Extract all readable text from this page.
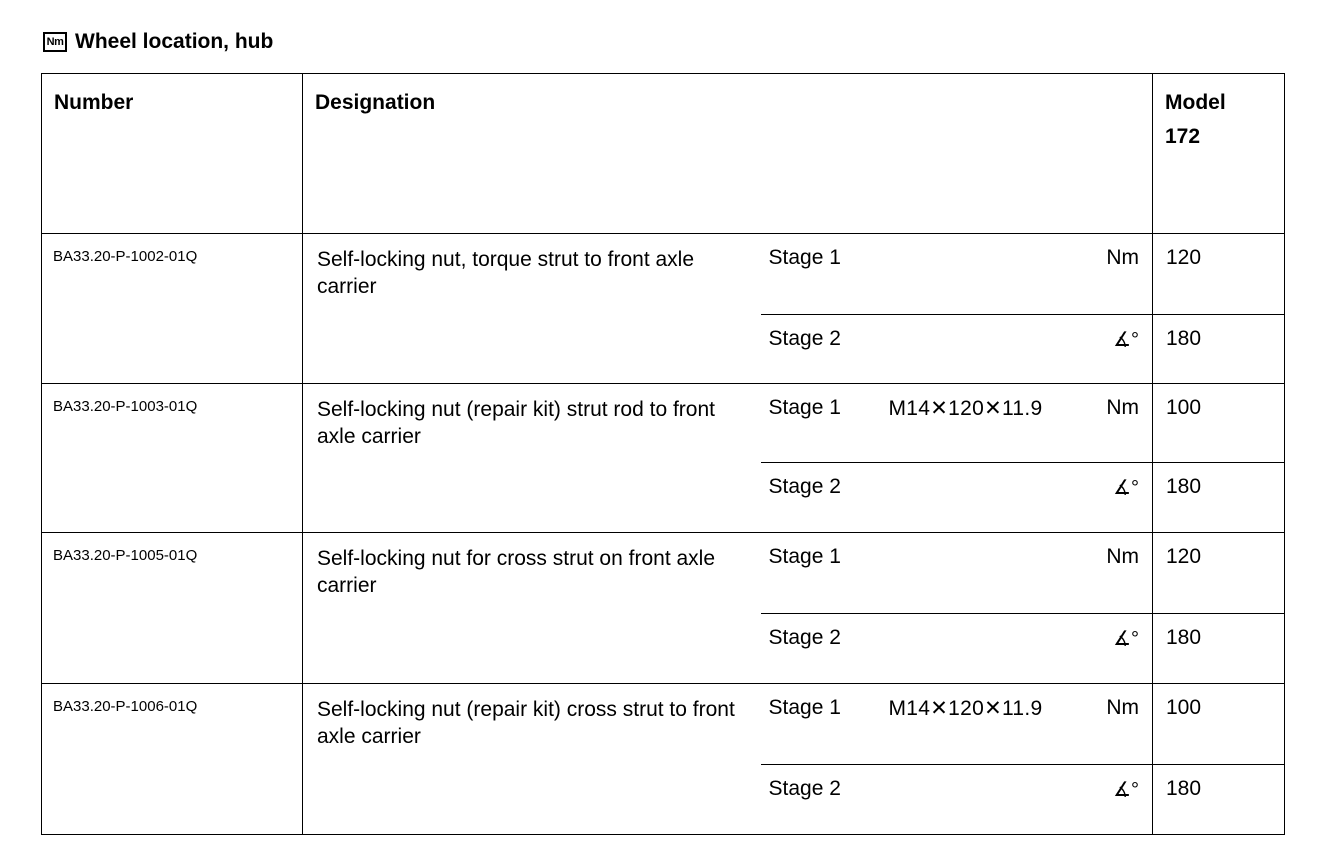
Nm Wheel location, hub
Number	Designation		Model
172

BA33.20-P-1002-01Q	Self-locking nut, torque strut to front axle carrier	Stage 1 Nm	120

		Stage 2 ∡°	180
BA33.20-P-1003-01Q	Self-locking nut (repair kit) strut rod to front axle carrier	Stage 1 M14✕120✕11.9 Nm	100

		Stage 2 ∡°	180
BA33.20-P-1005-01Q	Self-locking nut for cross strut on front axle carrier	Stage 1 Nm	120

		Stage 2 ∡°	180
BA33.20-P-1006-01Q	Self-locking nut (repair kit) cross strut to front axle carrier	Stage 1 M14✕120✕11.9 Nm	100

		Stage 2 ∡°	180
